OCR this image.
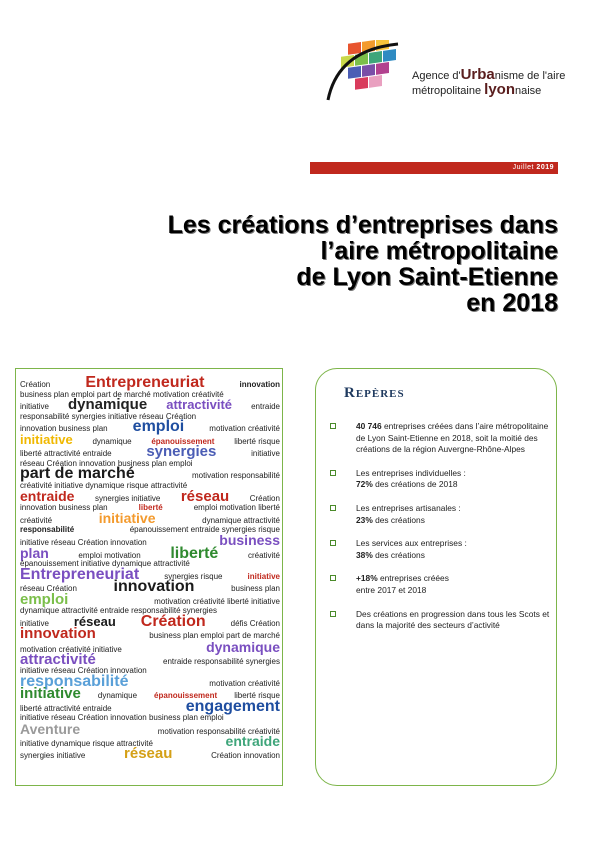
Agence d'Urbanisme de l'aire
métropolitaine lyonnaise
Juillet 2019
Les créations d’entreprises dans
l’aire métropolitaine
de Lyon Saint-Etienne
en 2018
Création Entrepreneuriat	innovation
business plan emploi part de marché motivation créativité
initiative dynamique attractivité entraide
responsabilité synergies initiative réseau Création
innovation business plan emploi	motivation créativité
initiative dynamique épanouissement liberté risque
liberté attractivité entraide synergies	initiative
réseau Création innovation business plan emploi
part de marché	motivation responsabilité
créativité initiative dynamique risque attractivité
entraide	synergies initiative réseau	Création
innovation business plan	liberté	emploi motivation liberté
créativité	initiative	dynamique attractivité
responsabilité	épanouissement entraide synergies risque
initiative réseau Création innovation	business
plan	emploi motivation liberté	créativité
épanouissement initiative dynamique attractivité
Entrepreneuriat	synergies risque	initiative
réseau Création innovation	business plan
emploi	motivation créativité liberté initiative
dynamique attractivité entraide responsabilité synergies
initiative réseau Création	défis Création
innovation	business plan emploi part de marché
motivation créativité initiative	dynamique
attractivité	entraide responsabilité synergies
initiative réseau Création innovation
responsabilité	motivation créativité
initiative dynamique épanouissement liberté risque
liberté attractivité entraide	engagement
initiative réseau Création innovation business plan emploi
Aventure	motivation responsabilité créativité
initiative dynamique risque attractivité	entraide
synergies initiative	réseau	Création innovation
Repères
40 746 entreprises créées dans l’aire métropolitaine de Lyon Saint-Etienne en 2018, soit la moitié des créations de la région Auvergne-Rhône-Alpes
Les entreprises individuelles :
72% des créations de 2018
Les entreprises artisanales :
23% des créations
Les services aux entreprises :
38% des créations
+18% entreprises créées
entre 2017 et 2018
Des créations en progression dans tous les Scots et dans la majorité des secteurs d’activité
